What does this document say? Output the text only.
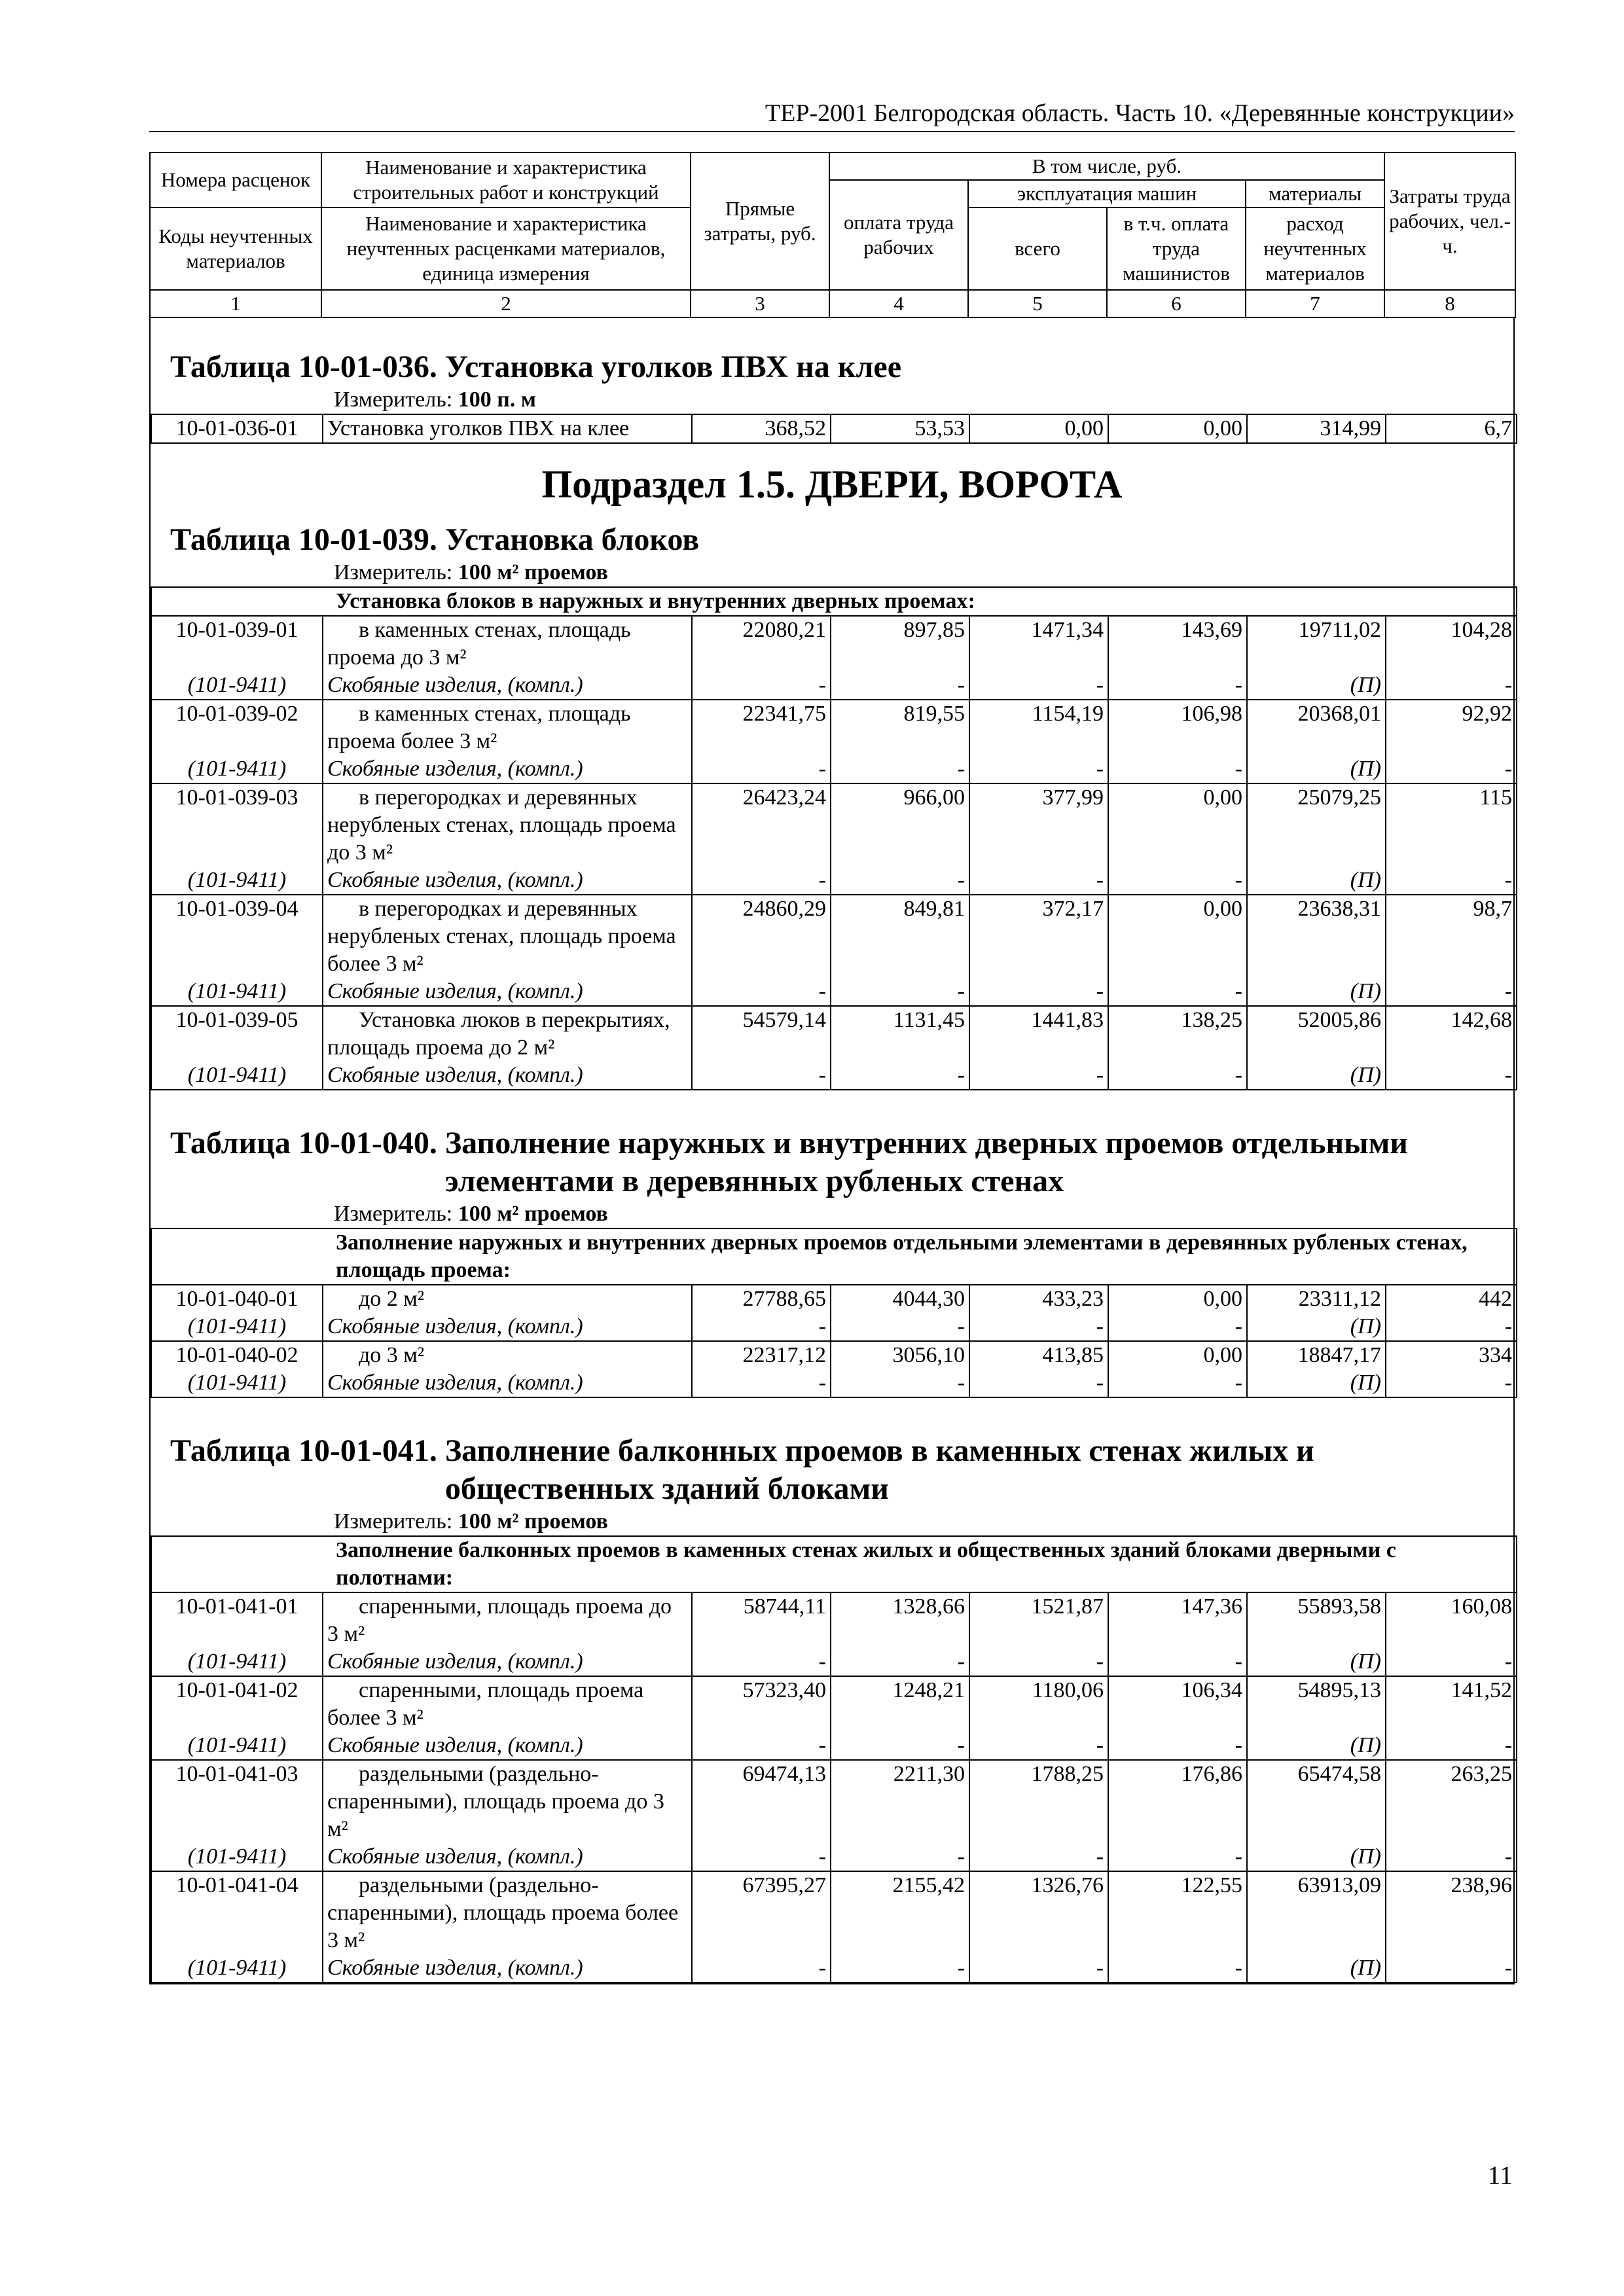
ТЕР-2001 Белгородская область. Часть 10. «Деревянные конструкции»
Номера расценок	Наименование и характеристика строительных работ и конструкций	Прямые затраты, руб.	В том числе, руб.				Затраты труда рабочих, чел.-ч.
			оплата труда рабочих	эксплуатация машин		материалы	
Коды неучтенных материалов	Наименование и характеристика неучтенных расценками материалов, единица измерения			всего	в т.ч. оплата труда машинистов	расход неучтенных материалов	

1	2	3	4	5	6	7	8
Таблица 10-01-036. Установка уголков ПВХ на клее
Измеритель: 100 п. м
10-01-036-01	Установка уголков ПВХ на клее	368,52	53,53	0,00	0,00	314,99	6,7
Подраздел 1.5. ДВЕРИ, ВОРОТА
Таблица 10-01-039. Установка блоков
Измеритель: 100 м² проемов
	Установка блоков в наружных и внутренних дверных проемах:						
10-01-039-01	в каменных стенах, площадь проема до 3 м²	22080,21	897,85	1471,34	143,69	19711,02	104,28
(101-9411)	Скобяные изделия, (компл.)	-	-	-	-	(П)	-
10-01-039-02	в каменных стенах, площадь проема более 3 м²	22341,75	819,55	1154,19	106,98	20368,01	92,92
(101-9411)	Скобяные изделия, (компл.)	-	-	-	-	(П)	-
10-01-039-03	в перегородках и деревянных нерубленых стенах, площадь проема до 3 м²	26423,24	966,00	377,99	0,00	25079,25	115
(101-9411)	Скобяные изделия, (компл.)	-	-	-	-	(П)	-
10-01-039-04	в перегородках и деревянных нерубленых стенах, площадь проема более 3 м²	24860,29	849,81	372,17	0,00	23638,31	98,7
(101-9411)	Скобяные изделия, (компл.)	-	-	-	-	(П)	-
10-01-039-05	Установка люков в перекрытиях, площадь проема до 2 м²	54579,14	1131,45	1441,83	138,25	52005,86	142,68
(101-9411)	Скобяные изделия, (компл.)	-	-	-	-	(П)	-
Таблица 10-01-040. Заполнение наружных и внутренних дверных проемов отдельными элементами в деревянных рубленых стенах
Измеритель: 100 м² проемов
	Заполнение наружных и внутренних дверных проемов отдельными элементами в деревянных рубленых стенах, площадь проема:						
10-01-040-01	до 2 м²	27788,65	4044,30	433,23	0,00	23311,12	442
(101-9411)	Скобяные изделия, (компл.)	-	-	-	-	(П)	-
10-01-040-02	до 3 м²	22317,12	3056,10	413,85	0,00	18847,17	334
(101-9411)	Скобяные изделия, (компл.)	-	-	-	-	(П)	-
Таблица 10-01-041. Заполнение балконных проемов в каменных стенах жилых и общественных зданий блоками
Измеритель: 100 м² проемов
	Заполнение балконных проемов в каменных стенах жилых и общественных зданий блоками дверными с полотнами:						
10-01-041-01	спаренными, площадь проема до 3 м²	58744,11	1328,66	1521,87	147,36	55893,58	160,08
(101-9411)	Скобяные изделия, (компл.)	-	-	-	-	(П)	-
10-01-041-02	спаренными, площадь проема более 3 м²	57323,40	1248,21	1180,06	106,34	54895,13	141,52
(101-9411)	Скобяные изделия, (компл.)	-	-	-	-	(П)	-
10-01-041-03	раздельными (раздельно-спаренными), площадь проема до 3 м²	69474,13	2211,30	1788,25	176,86	65474,58	263,25
(101-9411)	Скобяные изделия, (компл.)	-	-	-	-	(П)	-
10-01-041-04	раздельными (раздельно-спаренными), площадь проема более 3 м²	67395,27	2155,42	1326,76	122,55	63913,09	238,96
(101-9411)	Скобяные изделия, (компл.)	-	-	-	-	(П)	-
11
